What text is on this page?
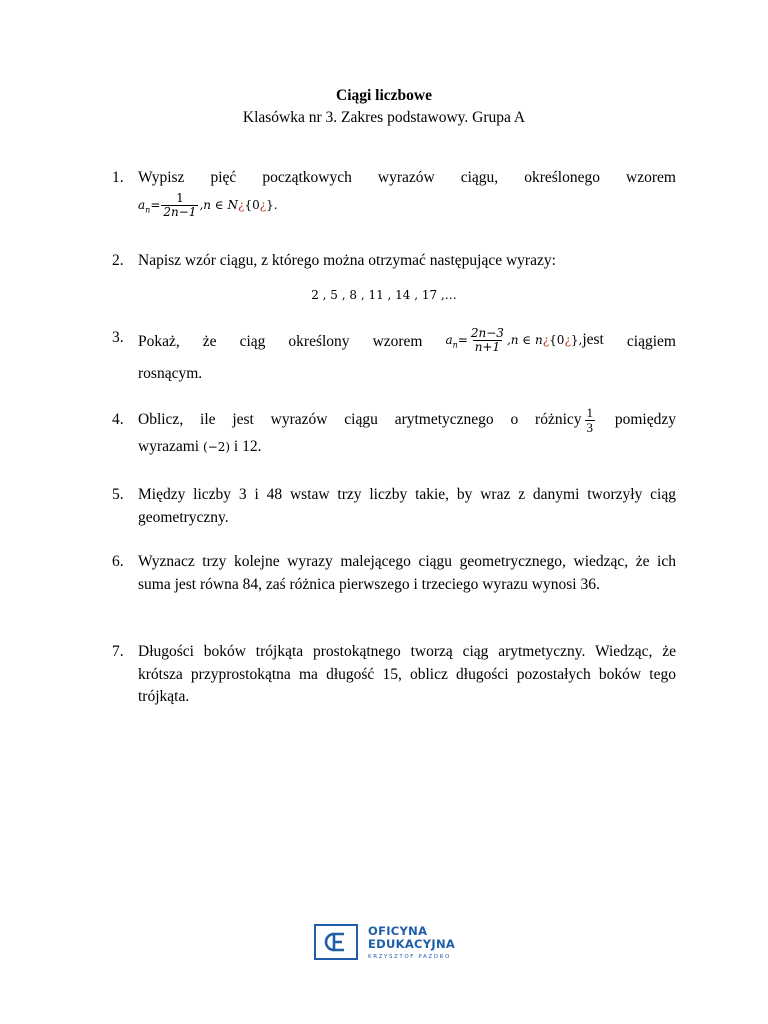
Ciągi liczbowe
Klasówka nr 3. Zakres podstawowy. Grupa A
1. Wypisz pięć początkowych wyrazów ciągu, określonego wzorem
$a_n= \frac{1}{2n-1} ,n$ ∈ N¿{0¿}.
2. Napisz wzór ciągu, z którego można otrzymać następujące wyrazy:
2 , 5 , 8 , 11 , 14 , 17 ,…
3. Pokaż, że ciąg określony wzorem $a_n= \frac{2n-3}{n+1} ,n$ ∈ n¿{0¿},jest ciągiem
rosnącym.
4. Oblicz, ile jest wyrazów ciągu arytmetycznego o różnicy $\frac{1}{3}$ pomiędzy
wyrazami (−2) i 12.
5. Między liczby 3 i 48 wstaw trzy liczby takie, by wraz z danymi tworzyły ciąg geometryczny.
6. Wyznacz trzy kolejne wyrazy malejącego ciągu geometrycznego, wiedząc, że ich suma jest równa 84, zaś różnica pierwszego i trzeciego wyrazu wynosi 36.
7. Długości boków trójkąta prostokątnego tworzą ciąg arytmetyczny. Wiedząc, że krótsza przyprostokątna ma długość 15, oblicz długości pozostałych boków tego trójkąta.
OFICYNA
EDUKACYJNA
KRZYSZTOF PAZDRO
